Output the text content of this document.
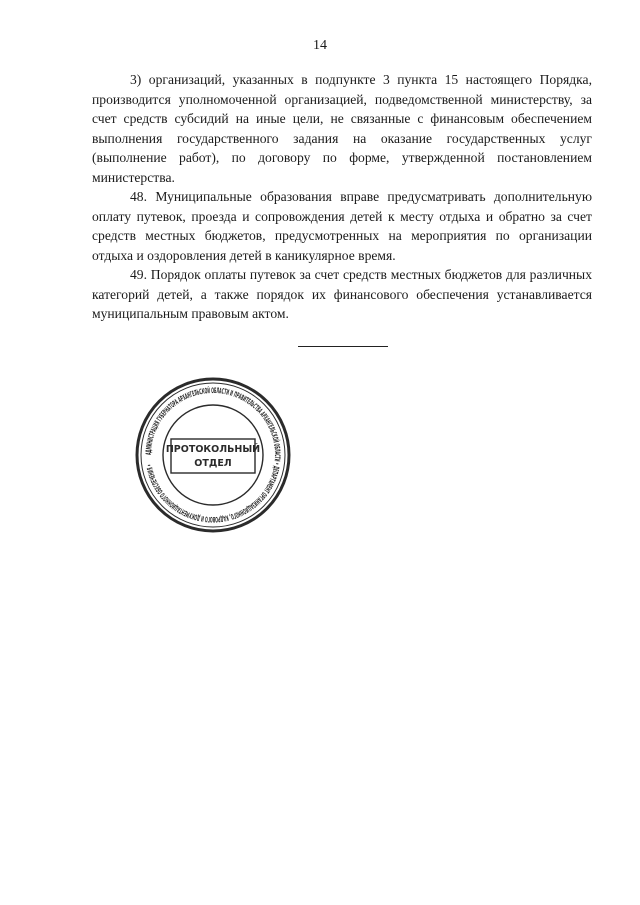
14

3) организаций, указанных в подпункте 3 пункта 15 настоящего Порядка, производится уполномоченной организацией, подведомственной министерству, за счет средств субсидий на иные цели, не связанные с финансовым обеспечением выполнения государственного задания на оказание государственных услуг (выполнение работ), по договору по форме, утвержденной постановлением министерства.

48. Муниципальные образования вправе предусматривать дополнительную оплату путевок, проезда и сопровождения детей к месту отдыха и обратно за счет средств местных бюджетов, предусмотренных на мероприятия по организации отдыха и оздоровления детей в каникулярное время.

49. Порядок оплаты путевок за счет средств местных бюджетов для различных категорий детей, а также порядок их финансового обеспечения устанавливается муниципальным правовым актом.

АДМИНИСТРАЦИЯ ГУБЕРНАТОРА АРХАНГЕЛЬСКОЙ ОБЛАСТИ И ПРАВИТЕЛЬСТВА АРХАНГЕЛЬСКОЙ ОБЛАСТИ • ДЕПАРТАМЕНТ ОРГАНИЗАЦИОННОГО, КАДРОВОГО И ДОКУМЕНТАЦИОННОГО ОБЕСПЕЧЕНИЯ •
ПРОТОКОЛЬНЫЙ
ОТДЕЛ
